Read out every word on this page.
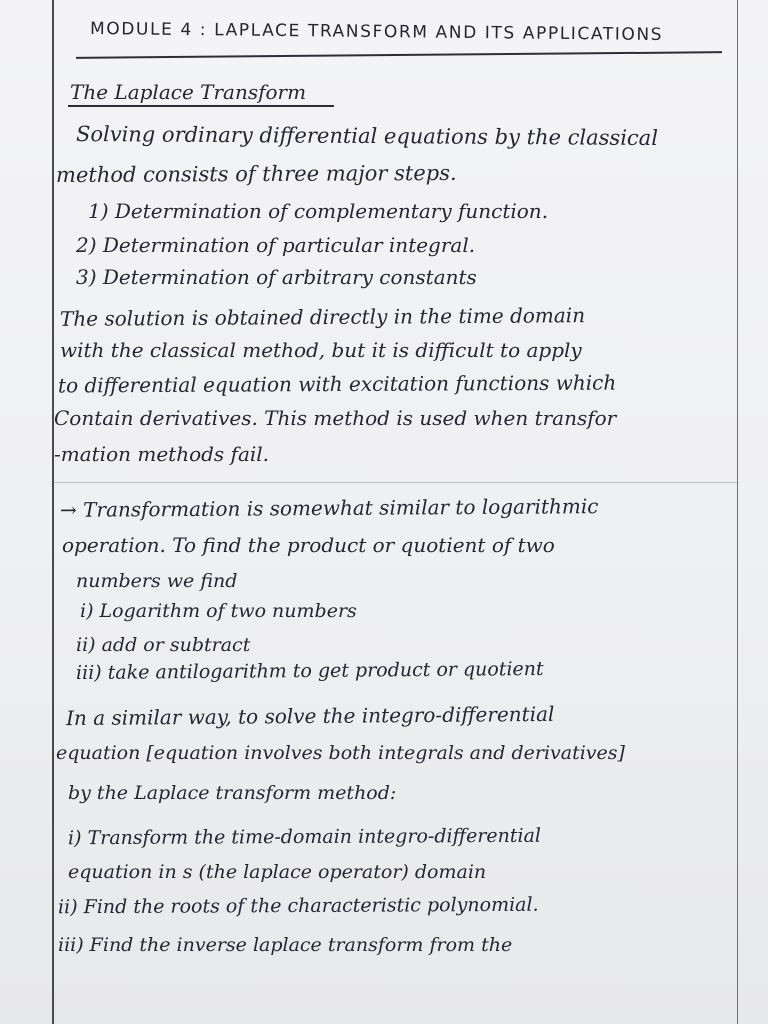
MODULE 4 : LAPLACE TRANSFORM AND ITS APPLICATIONS
The Laplace Transform
Solving ordinary differential equations by the classical
method consists of three major steps.
1) Determination of complementary function.
2) Determination of particular integral.
3) Determination of arbitrary constants
The solution is obtained directly in the time domain
with the classical method, but it is difficult to apply
to differential equation with excitation functions which
Contain derivatives. This method is used when transfor
-mation methods fail.
→ Transformation is somewhat similar to logarithmic
operation. To find the product or quotient of two
numbers we find
i) Logarithm of two numbers
ii) add or subtract
iii) take antilogarithm to get product or quotient
In a similar way, to solve the integro-differential
equation [equation involves both integrals and derivatives]
by the Laplace transform method:
i) Transform the time-domain integro-differential
equation in s (the laplace operator) domain
ii) Find the roots of the characteristic polynomial.
iii) Find the inverse laplace transform from the
